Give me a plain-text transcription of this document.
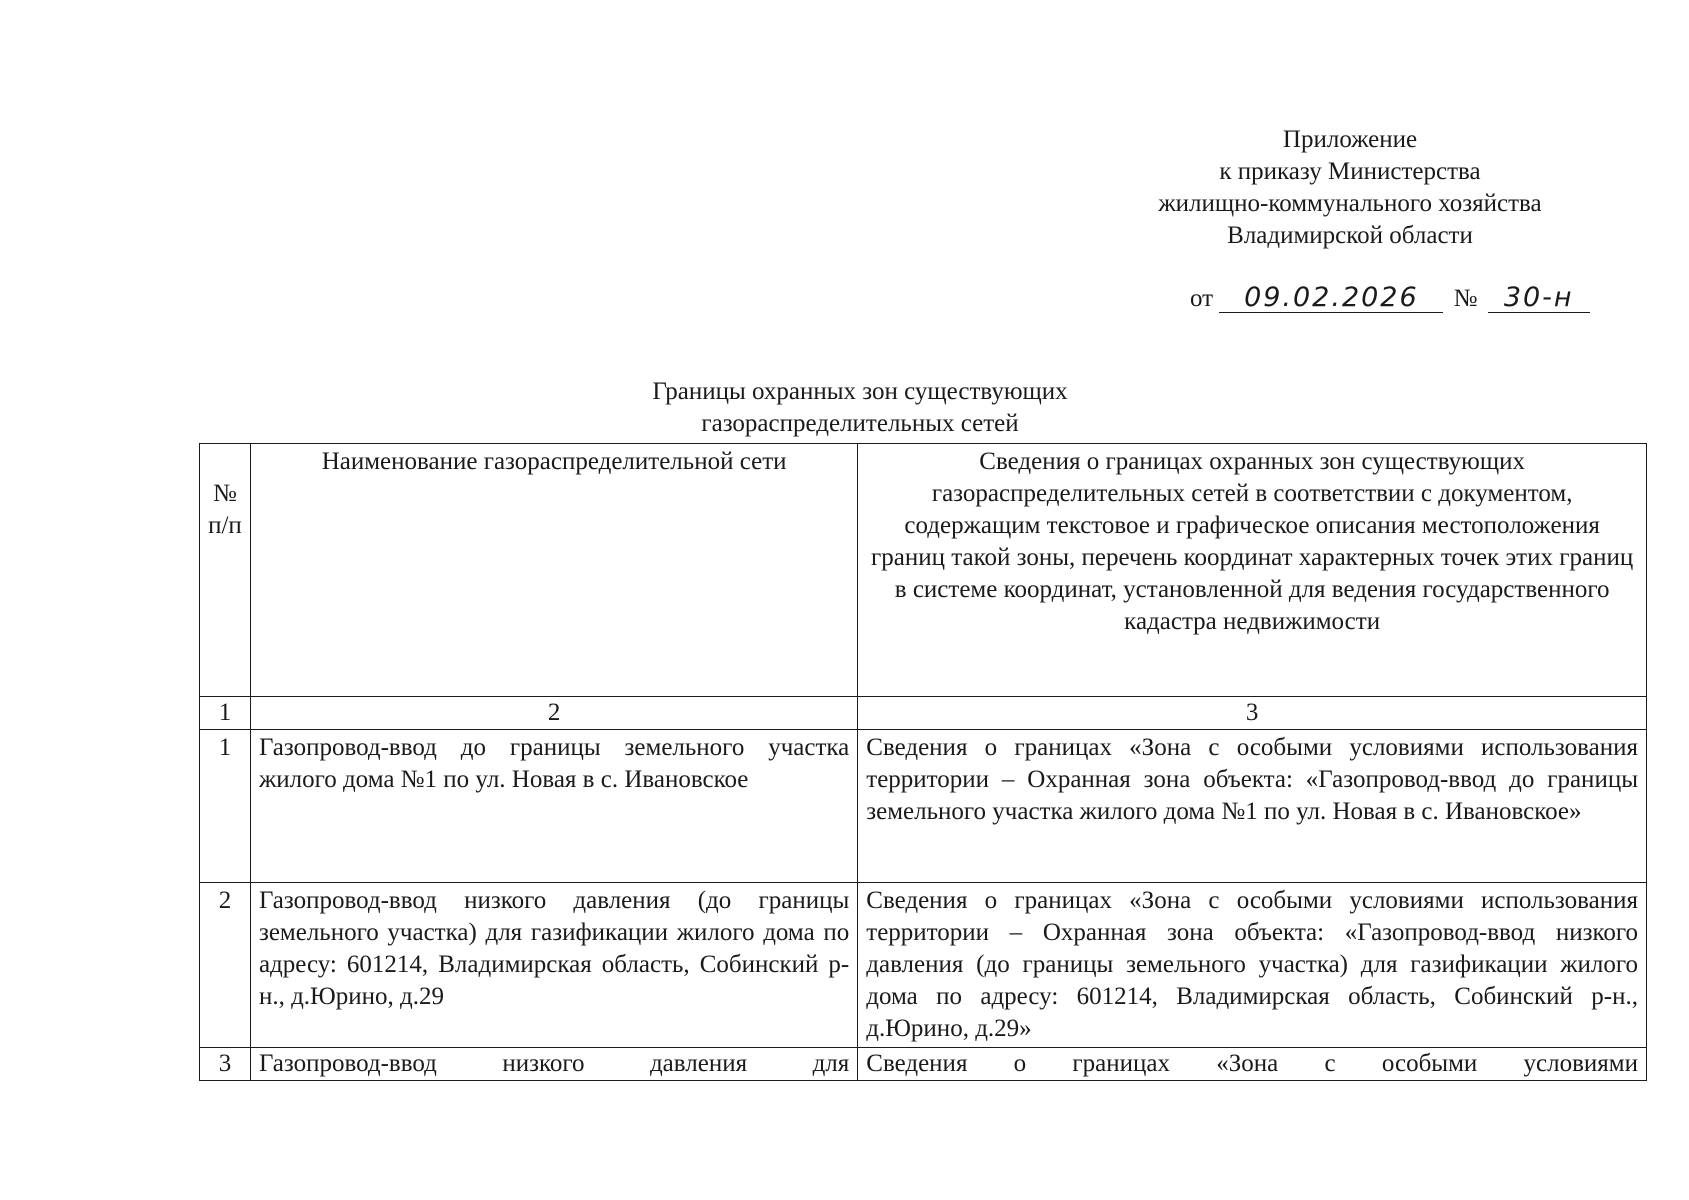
Приложение
к приказу Министерства
жилищно-коммунального хозяйства
Владимирской области
от 09.02.2026 № 30-н
Границы охранных зон существующих
газораспределительных сетей
№ п/п	Наименование газораспределительной сети	Сведения о границах охранных зон существующих газораспределительных сетей в соответствии с документом, содержащим текстовое и графическое описания местоположения границ такой зоны, перечень координат характерных точек этих границ в системе координат, установленной для ведения государственного кадастра недвижимости
1	2	3
1	Газопровод-ввод до границы земельного участка жилого дома №1 по ул. Новая в с. Ивановское	Сведения о границах «Зона с особыми условиями использования территории – Охранная зона объекта: «Газопровод-ввод до границы земельного участка жилого дома №1 по ул. Новая в с. Ивановское»
2	Газопровод-ввод низкого давления (до границы земельного участка) для газификации жилого дома по адресу: 601214, Владимирская область, Собинский р-н., д.Юрино, д.29	Сведения о границах «Зона с особыми условиями использования территории – Охранная зона объекта: «Газопровод-ввод низкого давления (до границы земельного участка) для газификации жилого дома по адресу: 601214, Владимирская область, Собинский р-н., д.Юрино, д.29»
3	Газопровод-ввод низкого давления для	Сведения о границах «Зона с особыми условиями
